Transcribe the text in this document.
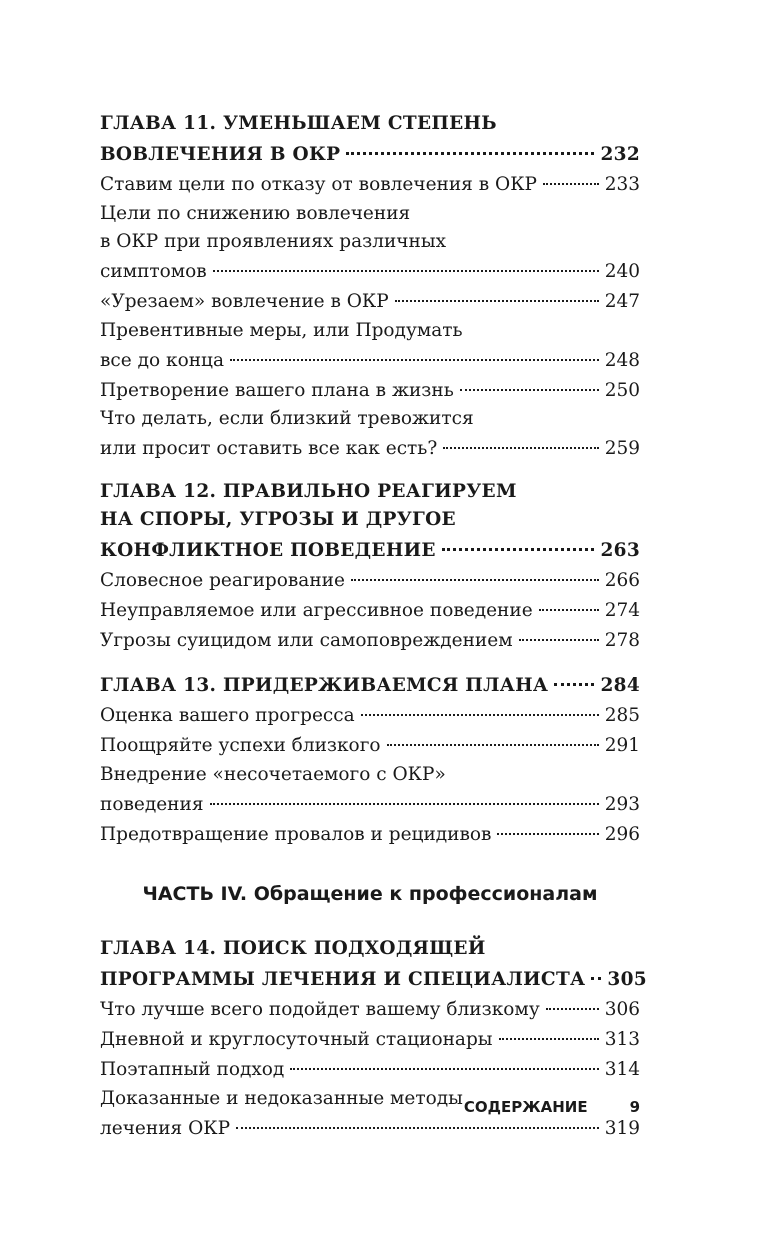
ГЛАВА 11. УМЕНЬШАЕМ СТЕПЕНЬ
ВОВЛЕЧЕНИЯ В ОКР	232
Ставим цели по отказу от вовлечения в ОКР	233
Цели по снижению вовлечения
в ОКР при проявлениях различных
симптомов	240
«Урезаем» вовлечение в ОКР	247
Превентивные меры, или Продумать
все до конца	248
Претворение вашего плана в жизнь	250
Что делать, если близкий тревожится
или просит оставить все как есть?	259
ГЛАВА 12. ПРАВИЛЬНО РЕАГИРУЕМ
НА СПОРЫ, УГРОЗЫ И ДРУГОЕ
КОНФЛИКТНОЕ ПОВЕДЕНИЕ	263
Словесное реагирование	266
Неуправляемое или агрессивное поведение	274
Угрозы суицидом или самоповреждением	278
ГЛАВА 13. ПРИДЕРЖИВАЕМСЯ ПЛАНА	284
Оценка вашего прогресса	285
Поощряйте успехи близкого	291
Внедрение «несочетаемого с ОКР»
поведения	293
Предотвращение провалов и рецидивов	296
ЧАСТЬ IV. Обращение к профессионалам
ГЛАВА 14. ПОИСК ПОДХОДЯЩЕЙ
ПРОГРАММЫ ЛЕЧЕНИЯ И СПЕЦИАЛИСТА 305
Что лучше всего подойдет вашему близкому	306
Дневной и круглосуточный стационары	313
Поэтапный подход	314
Доказанные и недоказанные методы
лечения ОКР	319
СОДЕРЖАНИЕ	9
